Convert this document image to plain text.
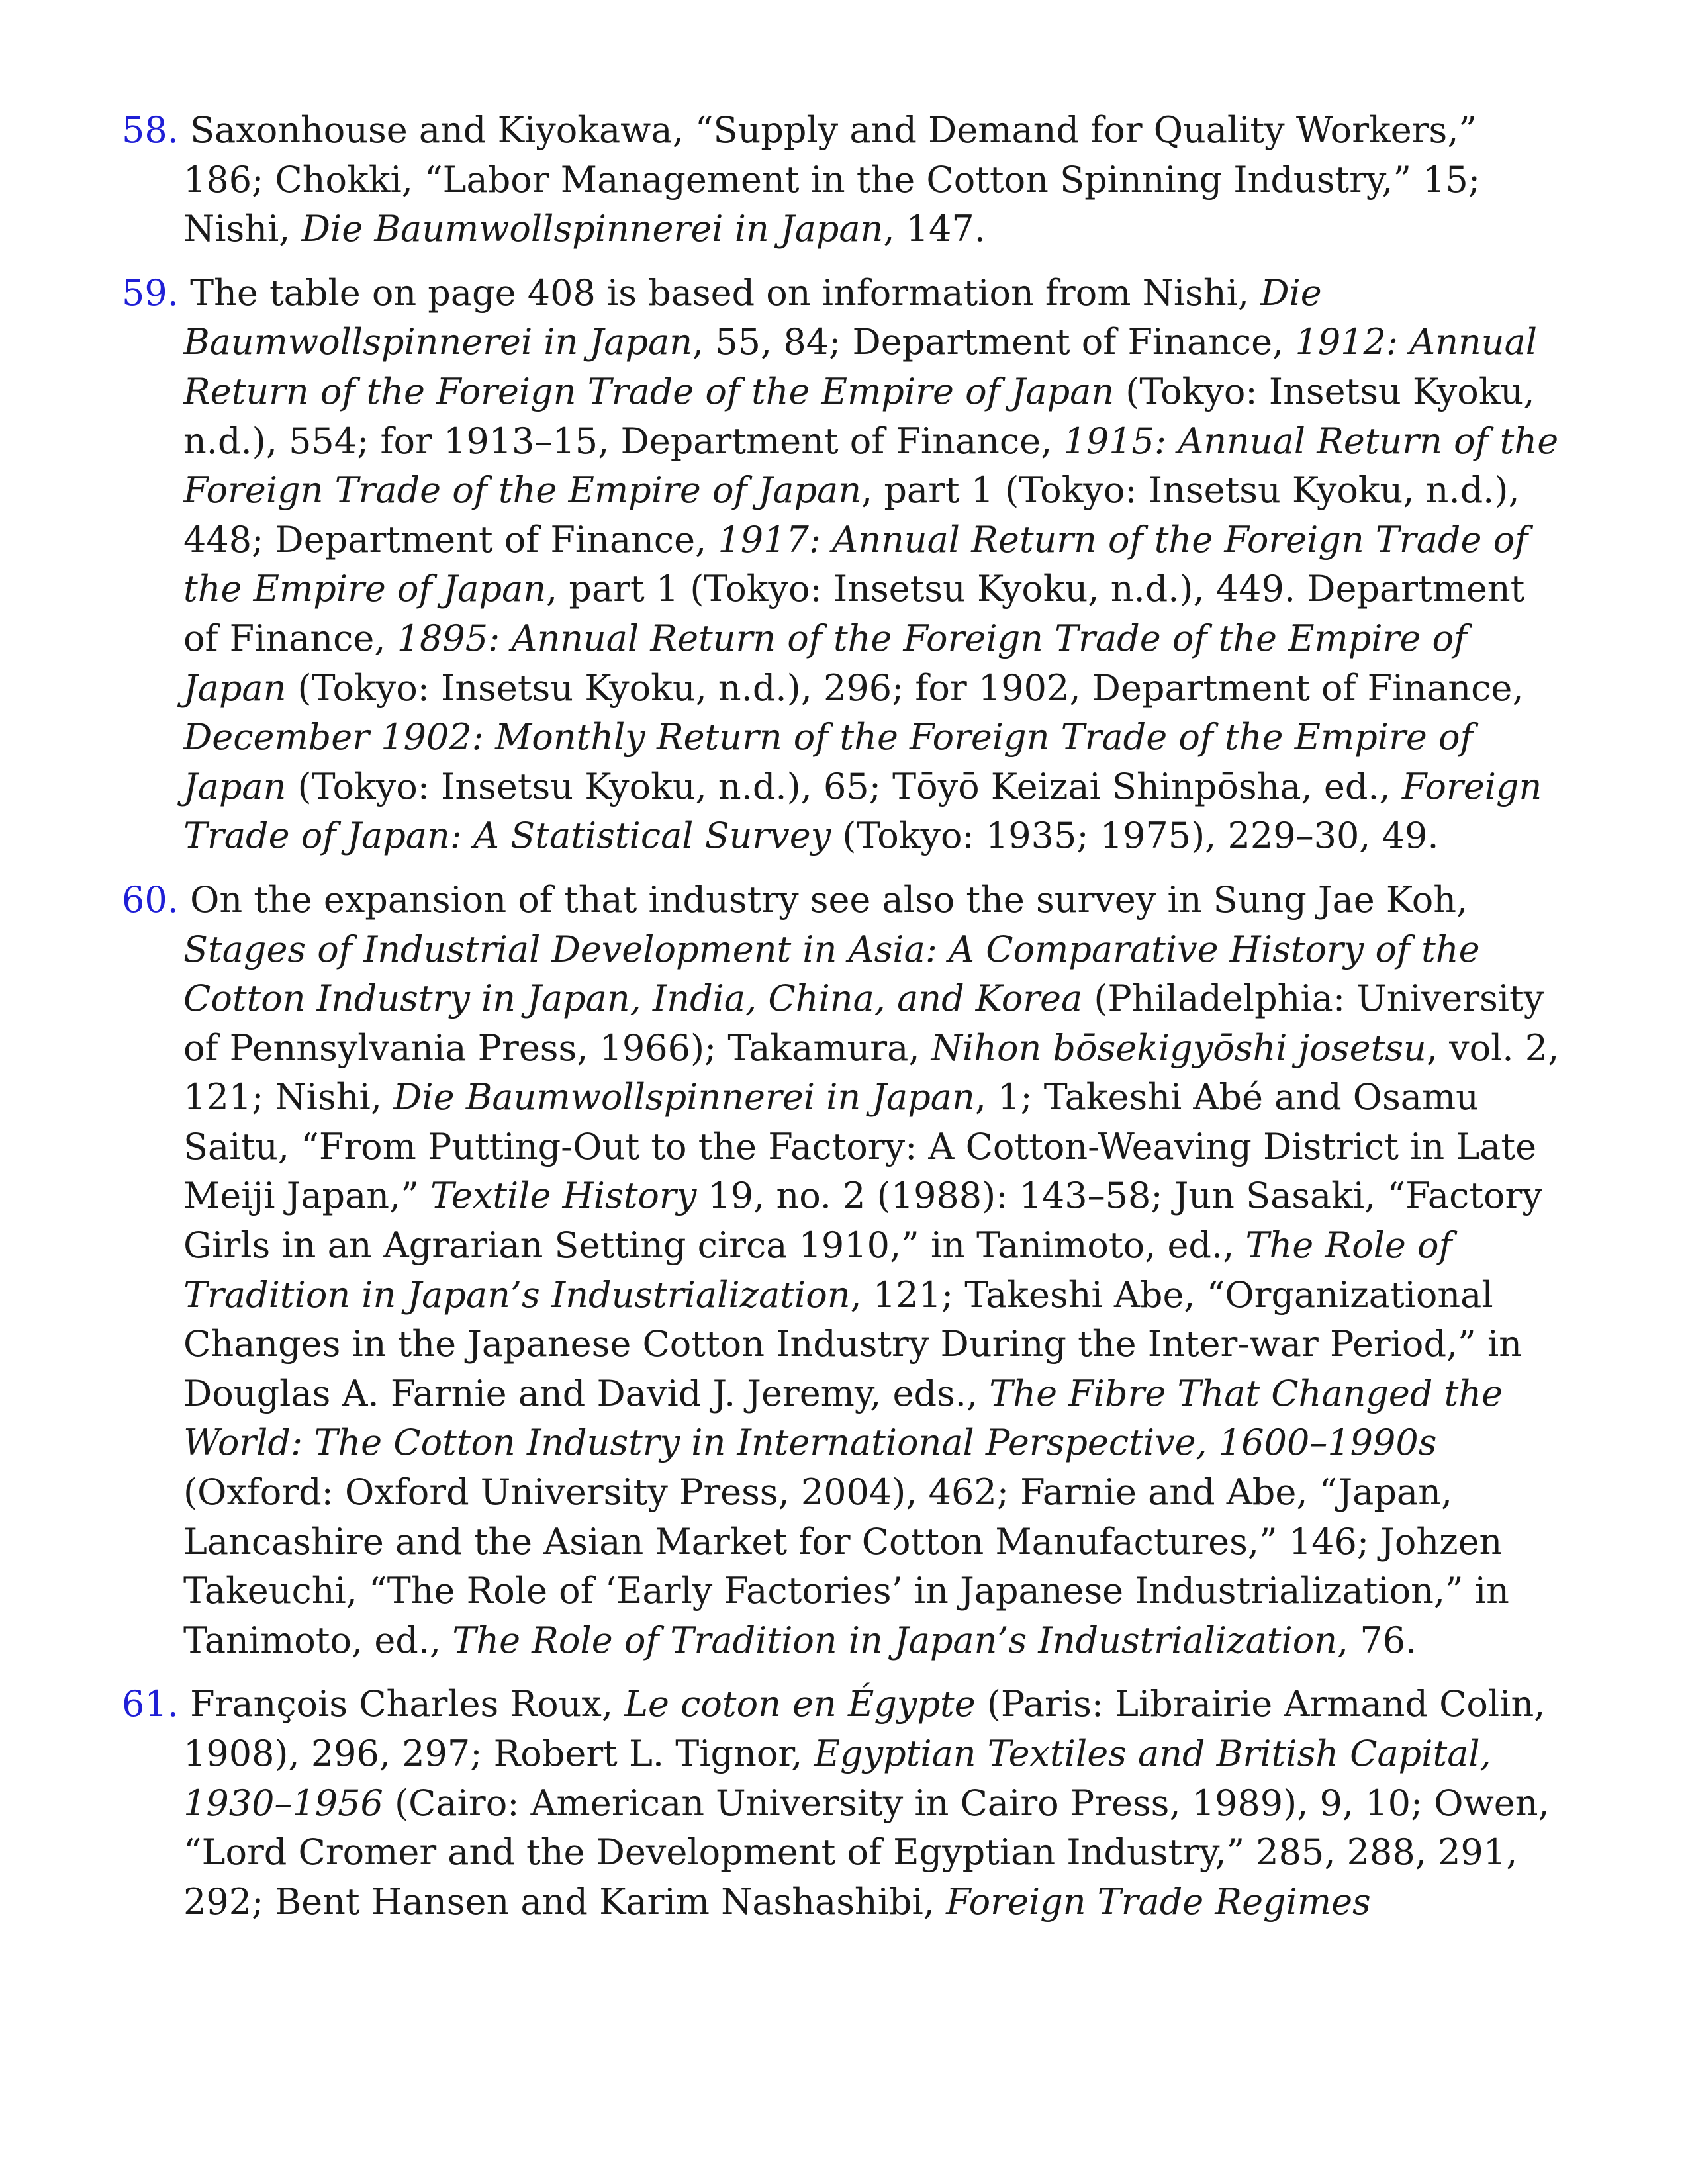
58. Saxonhouse and Kiyokawa, “Supply and Demand for Quality Workers,” 186; Chokki, “Labor Management in the Cotton Spinning Industry,” 15; Nishi, Die Baumwollspinnerei in Japan, 147.

59. The table on page 408 is based on information from Nishi, Die Baumwollspinnerei in Japan, 55, 84; Department of Finance, 1912: Annual Return of the Foreign Trade of the Empire of Japan (Tokyo: Insetsu Kyoku, n.d.), 554; for 1913–15, Department of Finance, 1915: Annual Return of the Foreign Trade of the Empire of Japan, part 1 (Tokyo: Insetsu Kyoku, n.d.), 448; Department of Finance, 1917: Annual Return of the Foreign Trade of the Empire of Japan, part 1 (Tokyo: Insetsu Kyoku, n.d.), 449. Department of Finance, 1895: Annual Return of the Foreign Trade of the Empire of Japan (Tokyo: Insetsu Kyoku, n.d.), 296; for 1902, Department of Finance, December 1902: Monthly Return of the Foreign Trade of the Empire of Japan (Tokyo: Insetsu Kyoku, n.d.), 65; Tōyō Keizai Shinpōsha, ed., Foreign Trade of Japan: A Statistical Survey (Tokyo: 1935; 1975), 229–30, 49.

60. On the expansion of that industry see also the survey in Sung Jae Koh, Stages of Industrial Development in Asia: A Comparative History of the Cotton Industry in Japan, India, China, and Korea (Philadelphia: University of Pennsylvania Press, 1966); Takamura, Nihon bōsekigyōshi josetsu, vol. 2, 121; Nishi, Die Baumwollspinnerei in Japan, 1; Takeshi Abé and Osamu Saitu, “From Putting-Out to the Factory: A Cotton-Weaving District in Late Meiji Japan,” Textile History 19, no. 2 (1988): 143–58; Jun Sasaki, “Factory Girls in an Agrarian Setting circa 1910,” in Tanimoto, ed., The Role of Tradition in Japan’s Industrialization, 121; Takeshi Abe, “Organizational Changes in the Japanese Cotton Industry During the Inter-war Period,” in Douglas A. Farnie and David J. Jeremy, eds., The Fibre That Changed the World: The Cotton Industry in International Perspective, 1600–1990s (Oxford: Oxford University Press, 2004), 462; Farnie and Abe, “Japan, Lancashire and the Asian Market for Cotton Manufactures,” 146; Johzen Takeuchi, “The Role of ‘Early Factories’ in Japanese Industrialization,” in Tanimoto, ed., The Role of Tradition in Japan’s Industrialization, 76.

61. François Charles Roux, Le coton en Égypte (Paris: Librairie Armand Colin, 1908), 296, 297; Robert L. Tignor, Egyptian Textiles and British Capital, 1930–1956 (Cairo: American University in Cairo Press, 1989), 9, 10; Owen, “Lord Cromer and the Development of Egyptian Industry,” 285, 288, 291, 292; Bent Hansen and Karim Nashashibi, Foreign Trade Regimes
